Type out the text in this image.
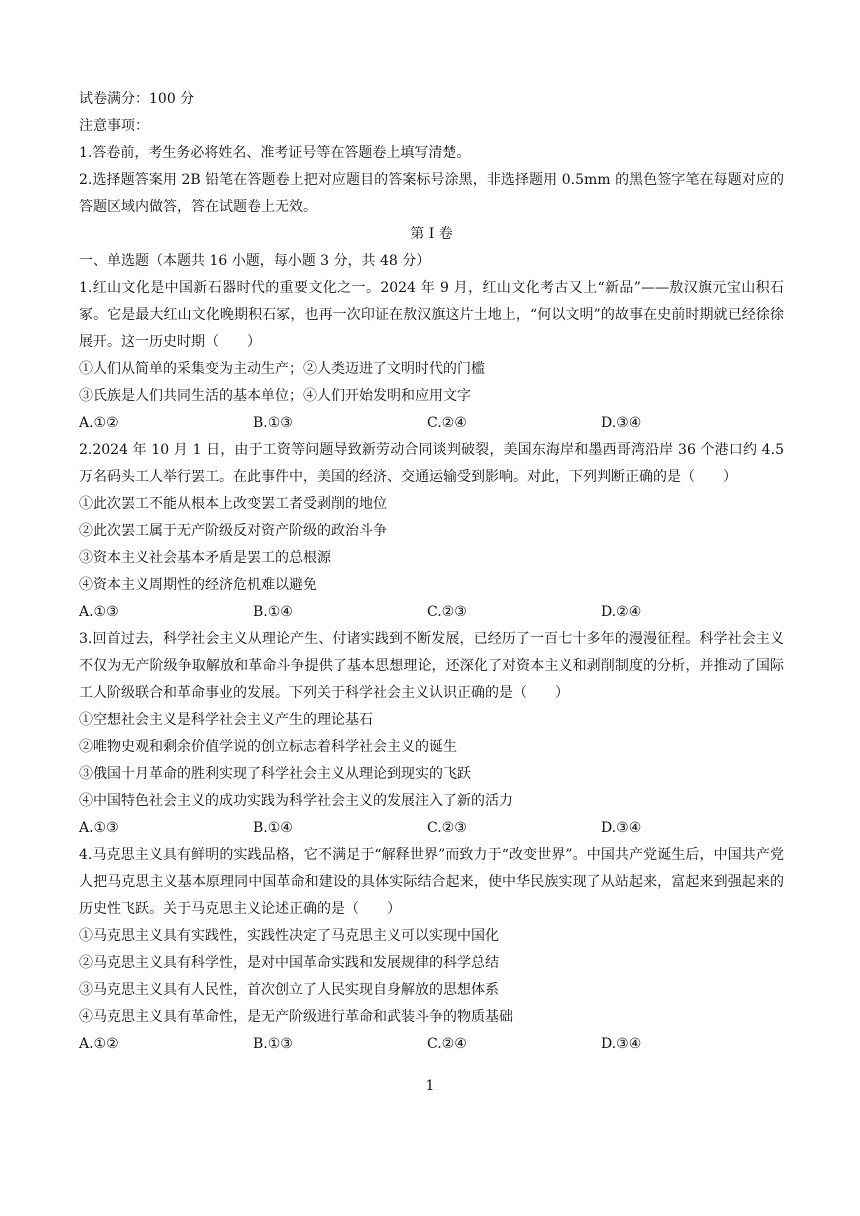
试卷满分：100 分
注意事项：
1.答卷前，考生务必将姓名、准考证号等在答题卷上填写清楚。
2.选择题答案用 2B 铅笔在答题卷上把对应题目的答案标号涂黑，非选择题用 0.5mm 的黑色签字笔在每题对应的答题区域内做答，答在试题卷上无效。
第 I 卷
一、单选题（本题共 16 小题，每小题 3 分，共 48 分）
1.红山文化是中国新石器时代的重要文化之一。2024 年 9 月，红山文化考古又上“新品”——敖汉旗元宝山积石冢。它是最大红山文化晚期积石冢，也再一次印证在敖汉旗这片土地上，“何以文明”的故事在史前时期就已经徐徐展开。这一历史时期（　　）
①人们从简单的采集变为主动生产；②人类迈进了文明时代的门槛
③氏族是人们共同生活的基本单位；④人们开始发明和应用文字
A.①②	B.①③	C.②④	D.③④
2.2024 年 10 月 1 日，由于工资等问题导致新劳动合同谈判破裂，美国东海岸和墨西哥湾沿岸 36 个港口约 4.5 万名码头工人举行罢工。在此事件中，美国的经济、交通运输受到影响。对此，下列判断正确的是（　　）
①此次罢工不能从根本上改变罢工者受剥削的地位
②此次罢工属于无产阶级反对资产阶级的政治斗争
③资本主义社会基本矛盾是罢工的总根源
④资本主义周期性的经济危机难以避免
A.①③	B.①④	C.②③	D.②④
3.回首过去，科学社会主义从理论产生、付诸实践到不断发展，已经历了一百七十多年的漫漫征程。科学社会主义不仅为无产阶级争取解放和革命斗争提供了基本思想理论，还深化了对资本主义和剥削制度的分析，并推动了国际工人阶级联合和革命事业的发展。下列关于科学社会主义认识正确的是（　　）
①空想社会主义是科学社会主义产生的理论基石
②唯物史观和剩余价值学说的创立标志着科学社会主义的诞生
③俄国十月革命的胜利实现了科学社会主义从理论到现实的飞跃
④中国特色社会主义的成功实践为科学社会主义的发展注入了新的活力
A.①③	B.①④	C.②③	D.③④
4.马克思主义具有鲜明的实践品格，它不满足于“解释世界”而致力于“改变世界”。中国共产党诞生后，中国共产党人把马克思主义基本原理同中国革命和建设的具体实际结合起来，使中华民族实现了从站起来，富起来到强起来的历史性飞跃。关于马克思主义论述正确的是（　　）
①马克思主义具有实践性，实践性决定了马克思主义可以实现中国化
②马克思主义具有科学性，是对中国革命实践和发展规律的科学总结
③马克思主义具有人民性，首次创立了人民实现自身解放的思想体系
④马克思主义具有革命性，是无产阶级进行革命和武装斗争的物质基础
A.①②	B.①③	C.②④	D.③④
1
